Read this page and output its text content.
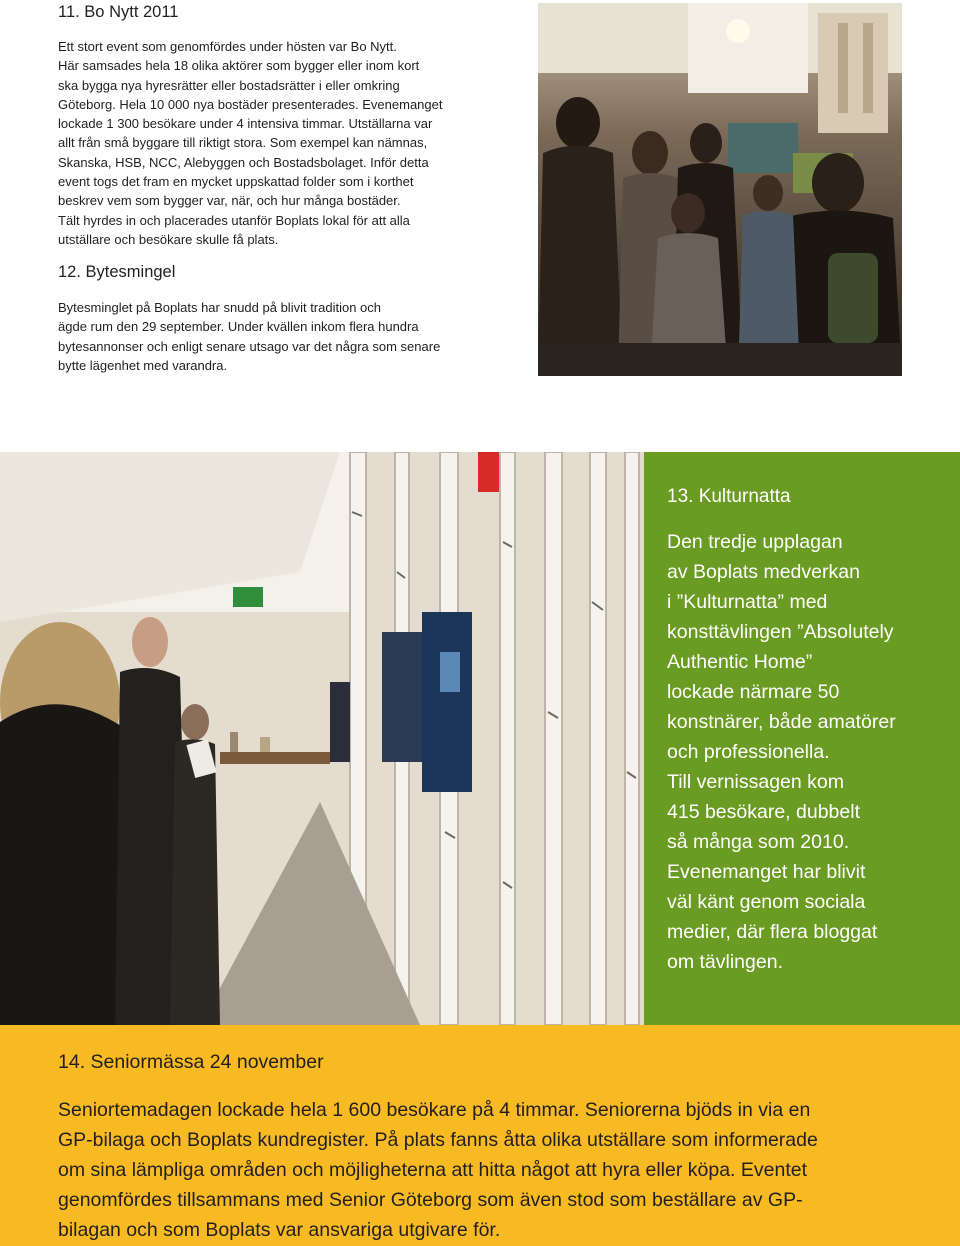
11. Bo Nytt 2011
Ett stort event som genomfördes under hösten var Bo Nytt.
Här samsades hela 18 olika aktörer som bygger eller inom kort
ska bygga nya hyresrätter eller bostadsrätter i eller omkring
Göteborg. Hela 10 000 nya bostäder presenterades. Evenemanget
lockade 1 300 besökare under 4 intensiva timmar. Utställarna var
allt från små byggare till riktigt stora. Som exempel kan nämnas,
Skanska, HSB, NCC, Alebyggen och Bostadsbolaget. Inför detta
event togs det fram en mycket uppskattad folder som i korthet
beskrev vem som bygger var, när, och hur många bostäder.
Tält hyrdes in och placerades utanför Boplats lokal för att alla
utställare och besökare skulle få plats.
12. Bytesmingel
Bytesminglet på Boplats har snudd på blivit tradition och
ägde rum den 29 september. Under kvällen inkom flera hundra
bytesannonser och enligt senare utsago var det några som senare
bytte lägenhet med varandra.
13. Kulturnatta
Den tredje upplagan
av Boplats medverkan
i ”Kulturnatta” med
konsttävlingen ”Absolutely
Authentic Home”
lockade närmare 50
konstnärer, både amatörer
och professionella.
Till vernissagen kom
415 besökare, dubbelt
så många som 2010.
Evenemanget har blivit
väl känt genom sociala
medier, där flera bloggat
om tävlingen.
14. Seniormässa 24 november
Seniortemadagen lockade hela 1 600 besökare på 4 timmar. Seniorerna bjöds in via en
GP-bilaga och Boplats kundregister. På plats fanns åtta olika utställare som informerade
om sina lämpliga områden och möjligheterna att hitta något att hyra eller köpa. Eventet
genomfördes tillsammans med Senior Göteborg som även stod som beställare av GP-
bilagan och som Boplats var ansvariga utgivare för.
